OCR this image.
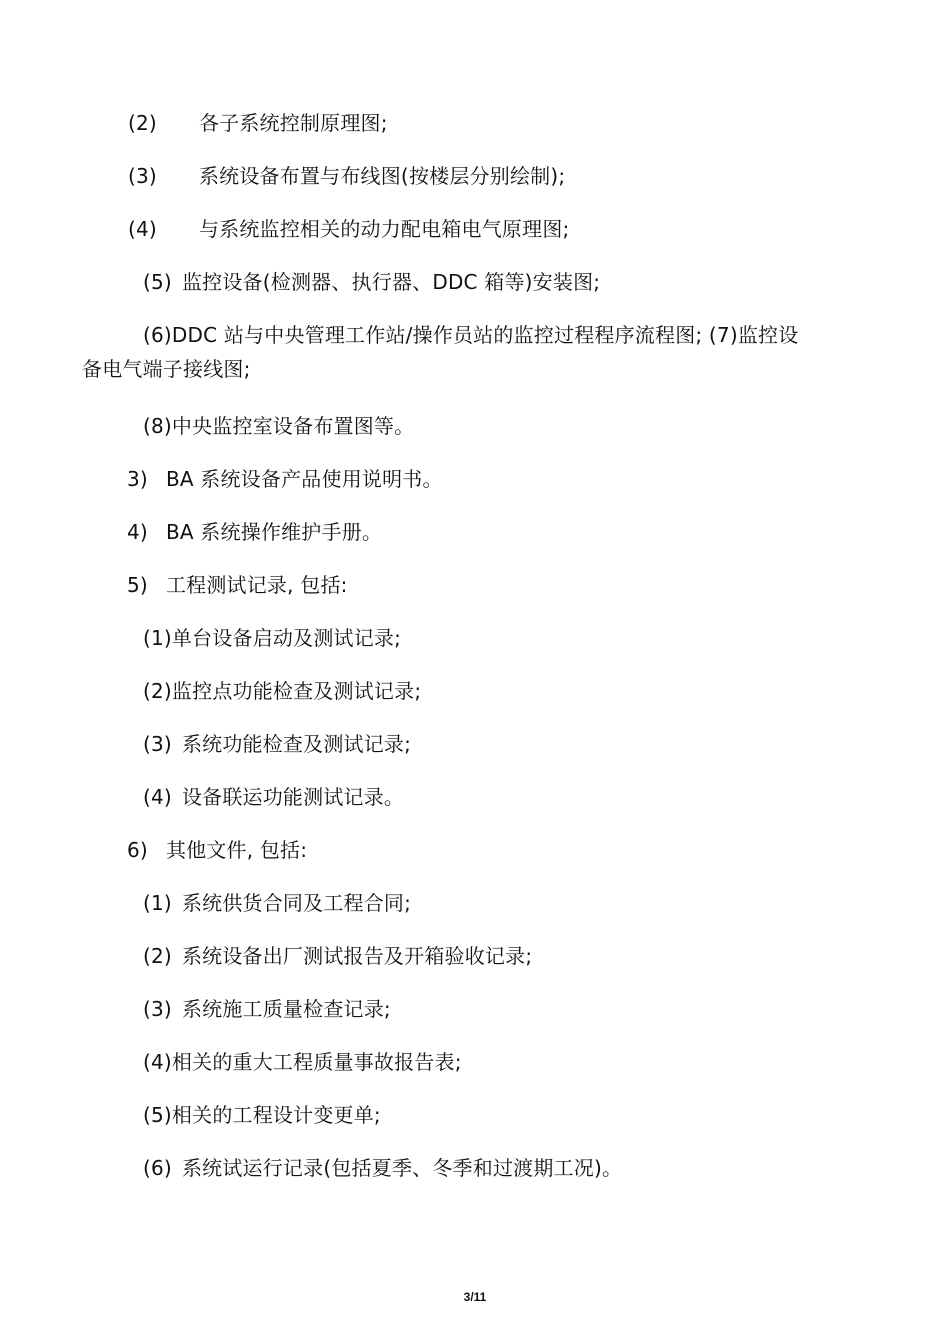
(2) 各子系统控制原理图;
(3) 系统设备布置与布线图(按楼层分别绘制);
(4) 与系统监控相关的动力配电箱电气原理图;
(5) 监控设备(检测器、执行器、DDC 箱等)安装图;
(6)DDC 站与中央管理工作站/操作员站的监控过程程序流程图; (7)监控设
备电气端子接线图;
(8)中央监控室设备布置图等。
3) BA 系统设备产品使用说明书。
4) BA 系统操作维护手册。
5) 工程测试记录, 包括:
(1)单台设备启动及测试记录;
(2)监控点功能检查及测试记录;
(3) 系统功能检查及测试记录;
(4) 设备联运功能测试记录。
6) 其他文件, 包括:
(1) 系统供货合同及工程合同;
(2) 系统设备出厂测试报告及开箱验收记录;
(3) 系统施工质量检查记录;
(4)相关的重大工程质量事故报告表;
(5)相关的工程设计变更单;
(6) 系统试运行记录(包括夏季、冬季和过渡期工况)。
3/11
